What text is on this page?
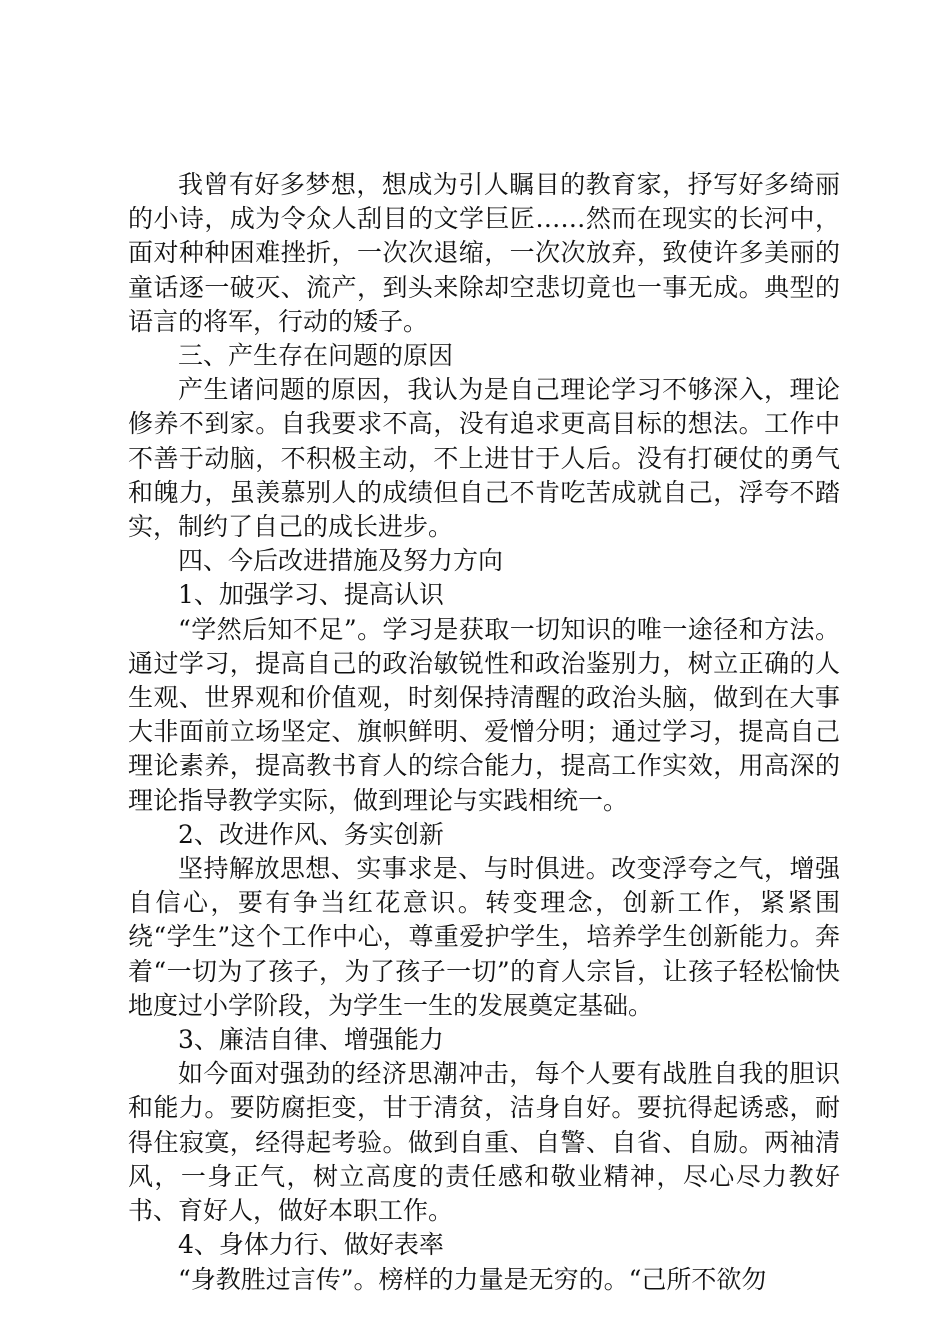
我曾有好多梦想，想成为引人瞩目的教育家，抒写好多绮丽的小诗，成为令众人刮目的文学巨匠……然而在现实的长河中，面对种种困难挫折，一次次退缩，一次次放弃，致使许多美丽的童话逐一破灭、流产，到头来除却空悲切竟也一事无成。典型的语言的将军，行动的矮子。

三、产生存在问题的原因

产生诸问题的原因，我认为是自己理论学习不够深入，理论修养不到家。自我要求不高，没有追求更高目标的想法。工作中不善于动脑，不积极主动，不上进甘于人后。没有打硬仗的勇气和魄力，虽羡慕别人的成绩但自己不肯吃苦成就自己，浮夸不踏实，制约了自己的成长进步。

四、今后改进措施及努力方向

1、加强学习、提高认识

“学然后知不足”。学习是获取一切知识的唯一途径和方法。通过学习，提高自己的政治敏锐性和政治鉴别力，树立正确的人生观、世界观和价值观，时刻保持清醒的政治头脑，做到在大事大非面前立场坚定、旗帜鲜明、爱憎分明；通过学习，提高自己理论素养，提高教书育人的综合能力，提高工作实效，用高深的理论指导教学实际，做到理论与实践相统一。

2、改进作风、务实创新

坚持解放思想、实事求是、与时俱进。改变浮夸之气，增强自信心，要有争当红花意识。转变理念，创新工作，紧紧围绕“学生”这个工作中心，尊重爱护学生，培养学生创新能力。奔着“一切为了孩子，为了孩子一切”的育人宗旨，让孩子轻松愉快地度过小学阶段，为学生一生的发展奠定基础。

3、廉洁自律、增强能力

如今面对强劲的经济思潮冲击，每个人要有战胜自我的胆识和能力。要防腐拒变，甘于清贫，洁身自好。要抗得起诱惑，耐得住寂寞，经得起考验。做到自重、自警、自省、自励。两袖清风，一身正气，树立高度的责任感和敬业精神，尽心尽力教好书、育好人，做好本职工作。

4、身体力行、做好表率

“身教胜过言传”。榜样的力量是无穷的。“己所不欲勿
